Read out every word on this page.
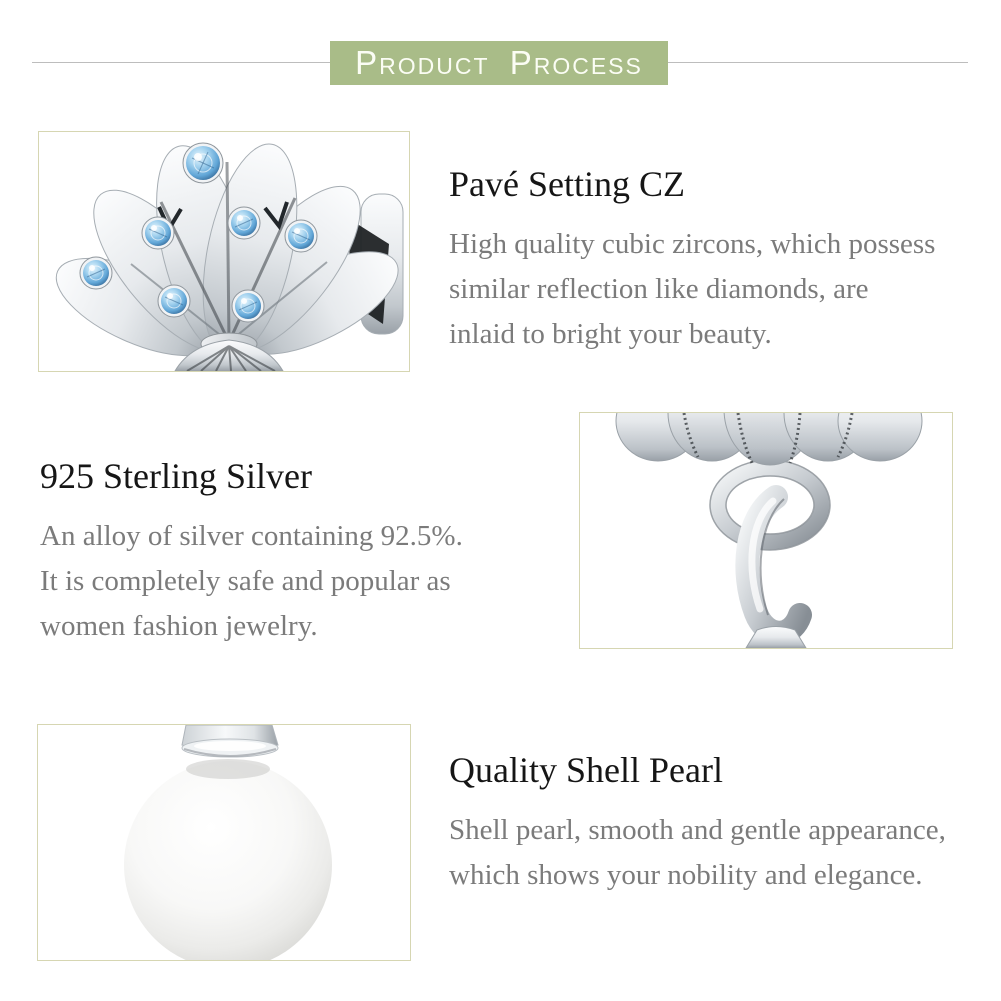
Product Process
Pavé Setting CZ
High quality cubic zircons, which possess
similar reflection like diamonds, are
inlaid to bright your beauty.
925 Sterling Silver
An alloy of silver containing 92.5%.
It is completely safe and popular as
women fashion jewelry.
Quality Shell Pearl
Shell pearl, smooth and gentle appearance,
which shows your nobility and elegance.
